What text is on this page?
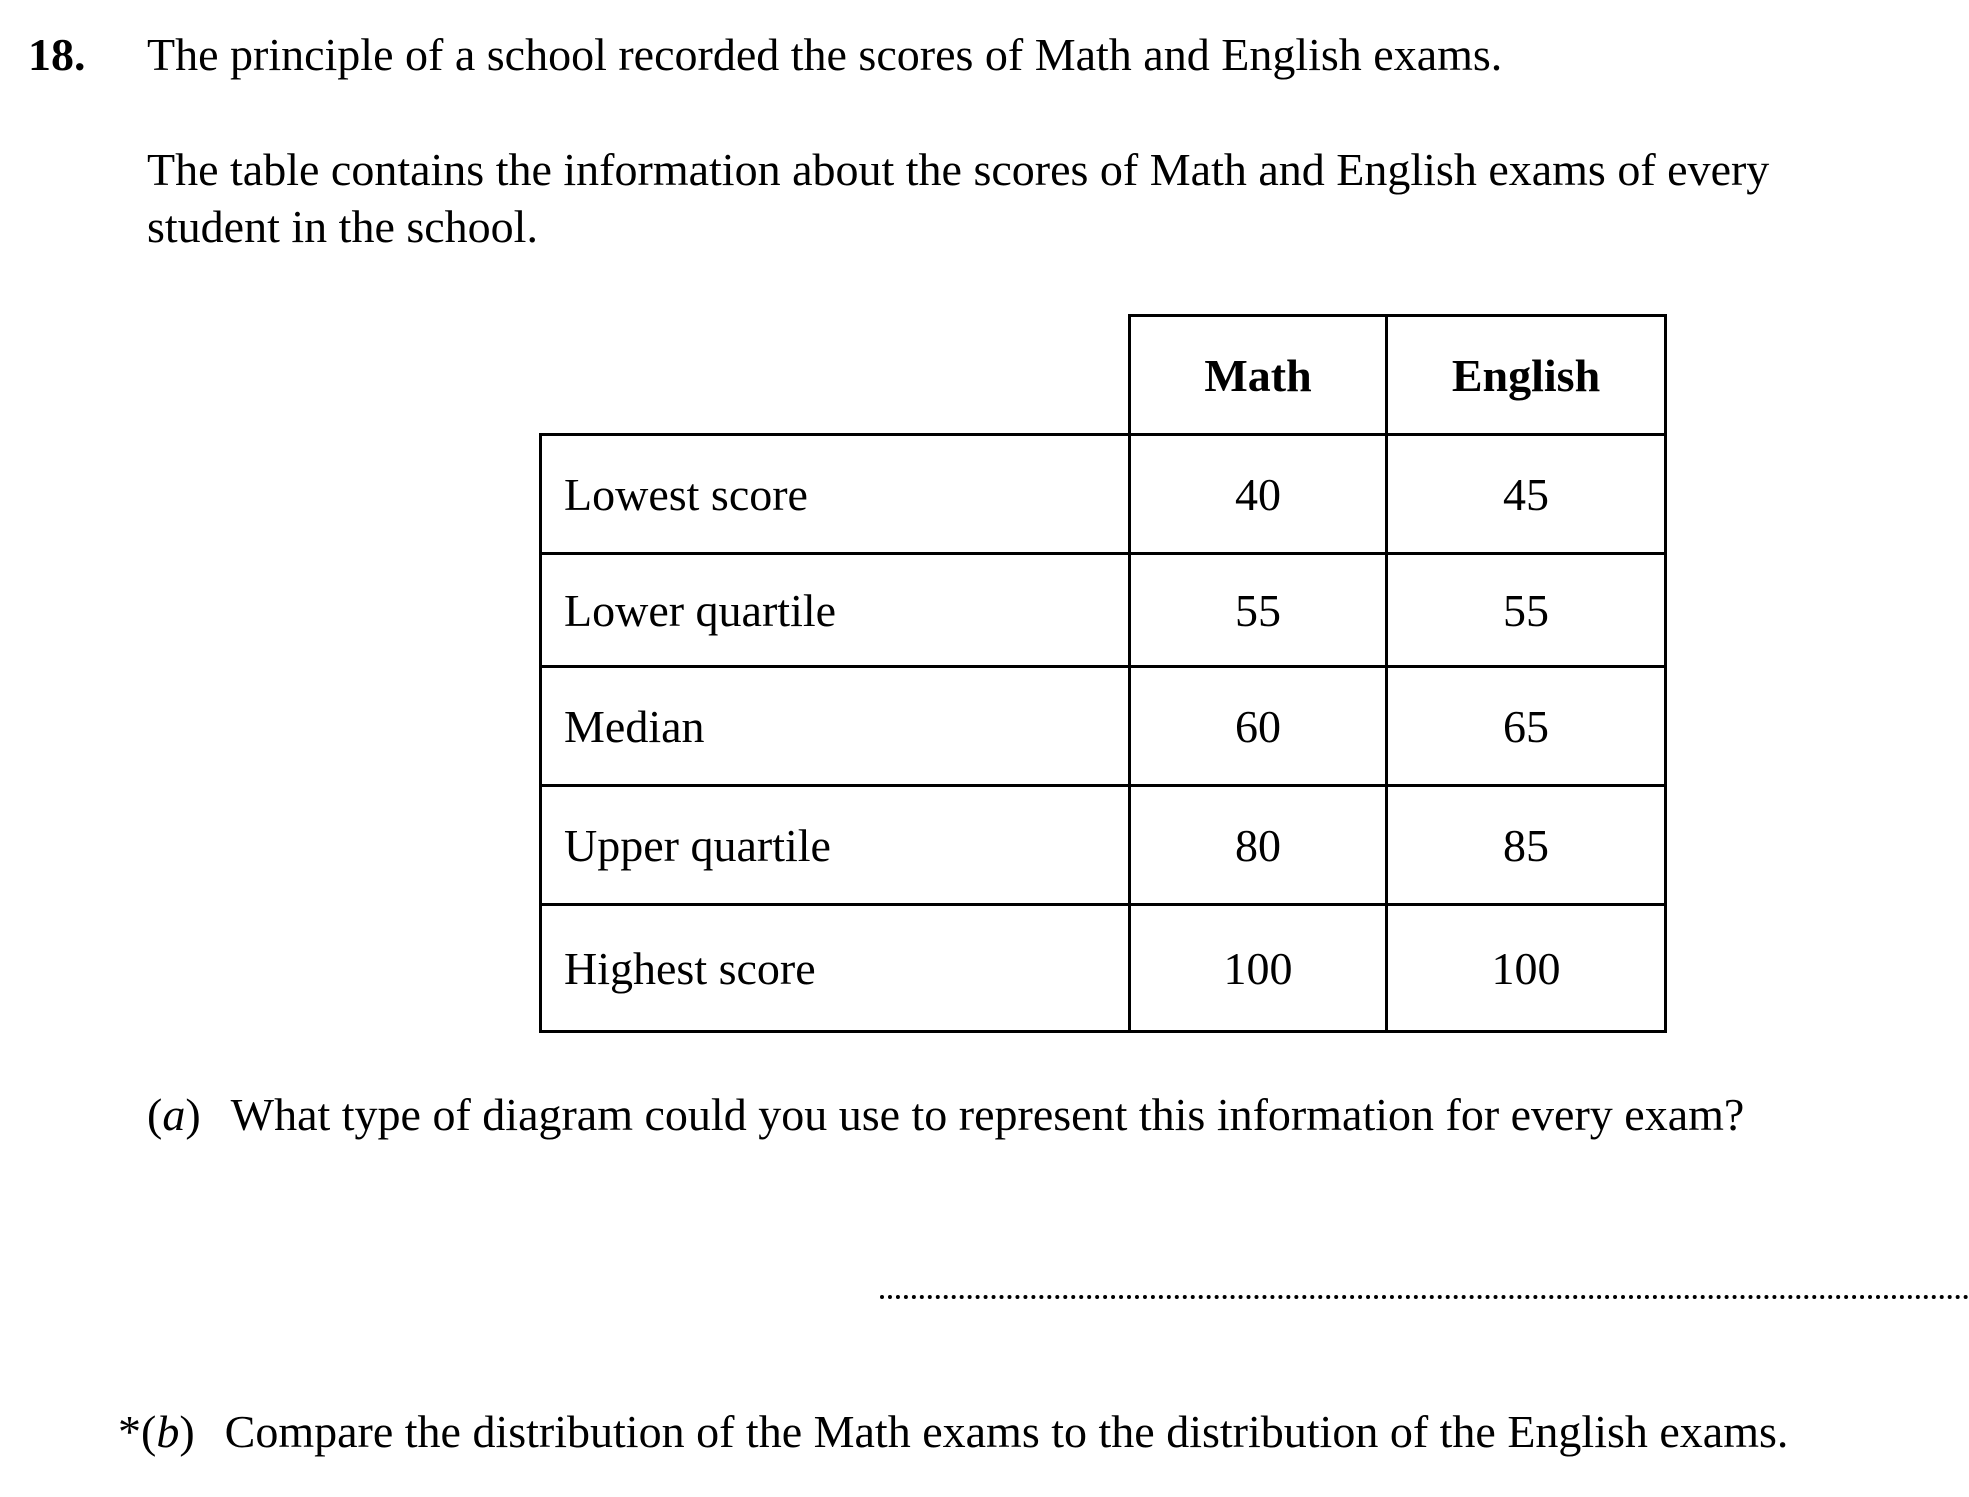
18. The principle of a school recorded the scores of Math and English exams.
The table contains the information about the scores of Math and English exams of every
student in the school.
	Math	English
Lowest score	40	45
Lower quartile	55	55
Median	60	65
Upper quartile	80	85
Highest score	100	100
(a) What type of diagram could you use to represent this information for every exam?
*(b) Compare the distribution of the Math exams to the distribution of the English exams.
